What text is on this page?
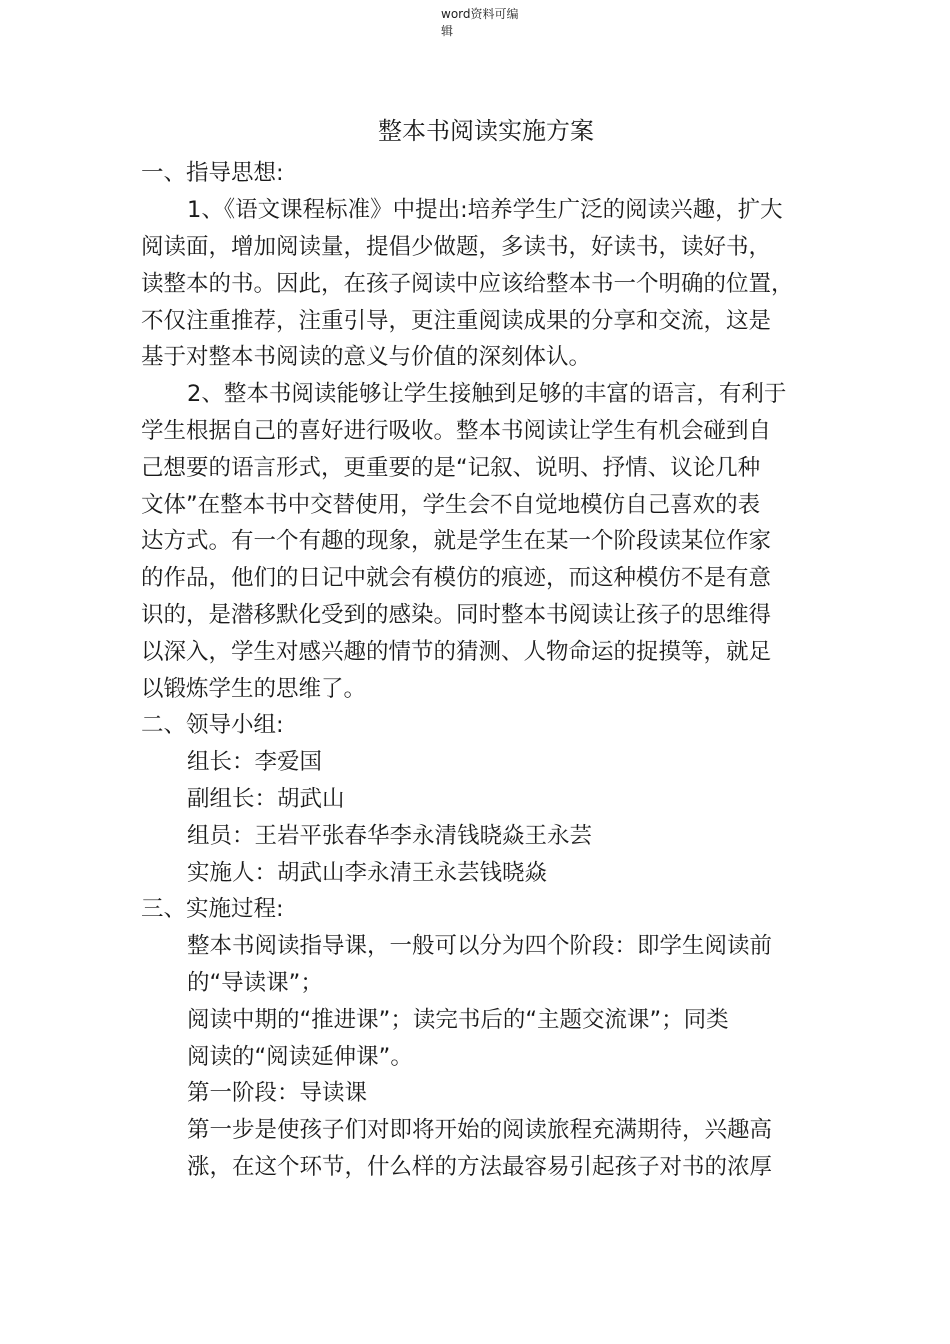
word资料可编
辑
整本书阅读实施方案
一、指导思想:
1、《语文课程标准》中提出:培养学生广泛的阅读兴趣，扩大
阅读面，增加阅读量，提倡少做题，多读书，好读书，读好书，
读整本的书。因此，在孩子阅读中应该给整本书一个明确的位置，
不仅注重推荐，注重引导，更注重阅读成果的分享和交流，这是
基于对整本书阅读的意义与价值的深刻体认。
2、整本书阅读能够让学生接触到足够的丰富的语言，有利于
学生根据自己的喜好进行吸收。整本书阅读让学生有机会碰到自
己想要的语言形式，更重要的是“记叙、说明、抒情、议论几种
文体”在整本书中交替使用，学生会不自觉地模仿自己喜欢的表
达方式。有一个有趣的现象，就是学生在某一个阶段读某位作家
的作品，他们的日记中就会有模仿的痕迹，而这种模仿不是有意
识的，是潜移默化受到的感染。同时整本书阅读让孩子的思维得
以深入，学生对感兴趣的情节的猜测、人物命运的捉摸等，就足
以锻炼学生的思维了。
二、领导小组:
组长：李爱国
副组长：胡武山
组员：王岩平张春华李永清钱晓焱王永芸
实施人：胡武山李永清王永芸钱晓焱
三、实施过程:
整本书阅读指导课，一般可以分为四个阶段：即学生阅读前
的“导读课”；
阅读中期的“推进课”；读完书后的“主题交流课”；同类
阅读的“阅读延伸课”。
第一阶段：导读课
第一步是使孩子们对即将开始的阅读旅程充满期待，兴趣高
涨，在这个环节，什么样的方法最容易引起孩子对书的浓厚
